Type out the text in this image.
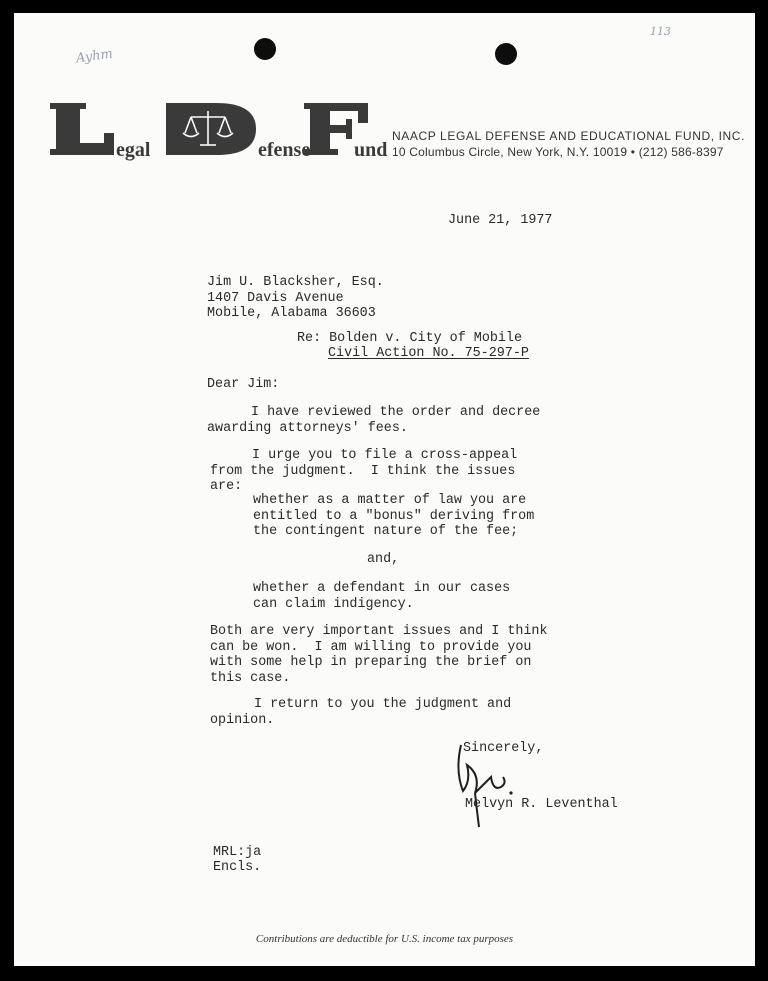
Ayhm
113
egal	efense und
NAACP LEGAL DEFENSE AND EDUCATIONAL FUND, INC.
10 Columbus Circle, New York, N.Y. 10019 • (212) 586-8397
June 21, 1977
Jim U. Blacksher, Esq.
1407 Davis Avenue
Mobile, Alabama 36603
Re: Bolden v. City of Mobile
Civil Action No. 75-297-P
Dear Jim:
I have reviewed the order and decree
awarding attorneys' fees.
I urge you to file a cross-appeal
from the judgment.  I think the issues
are:
whether as a matter of law you are
entitled to a "bonus" deriving from
the contingent nature of the fee;
and,
whether a defendant in our cases
can claim indigency.
Both are very important issues and I think
can be won.  I am willing to provide you
with some help in preparing the brief on
this case.
I return to you the judgment and
opinion.
Sincerely,
Melvyn R. Leventhal
MRL:ja
Encls.
Contributions are deductible for U.S. income tax purposes
